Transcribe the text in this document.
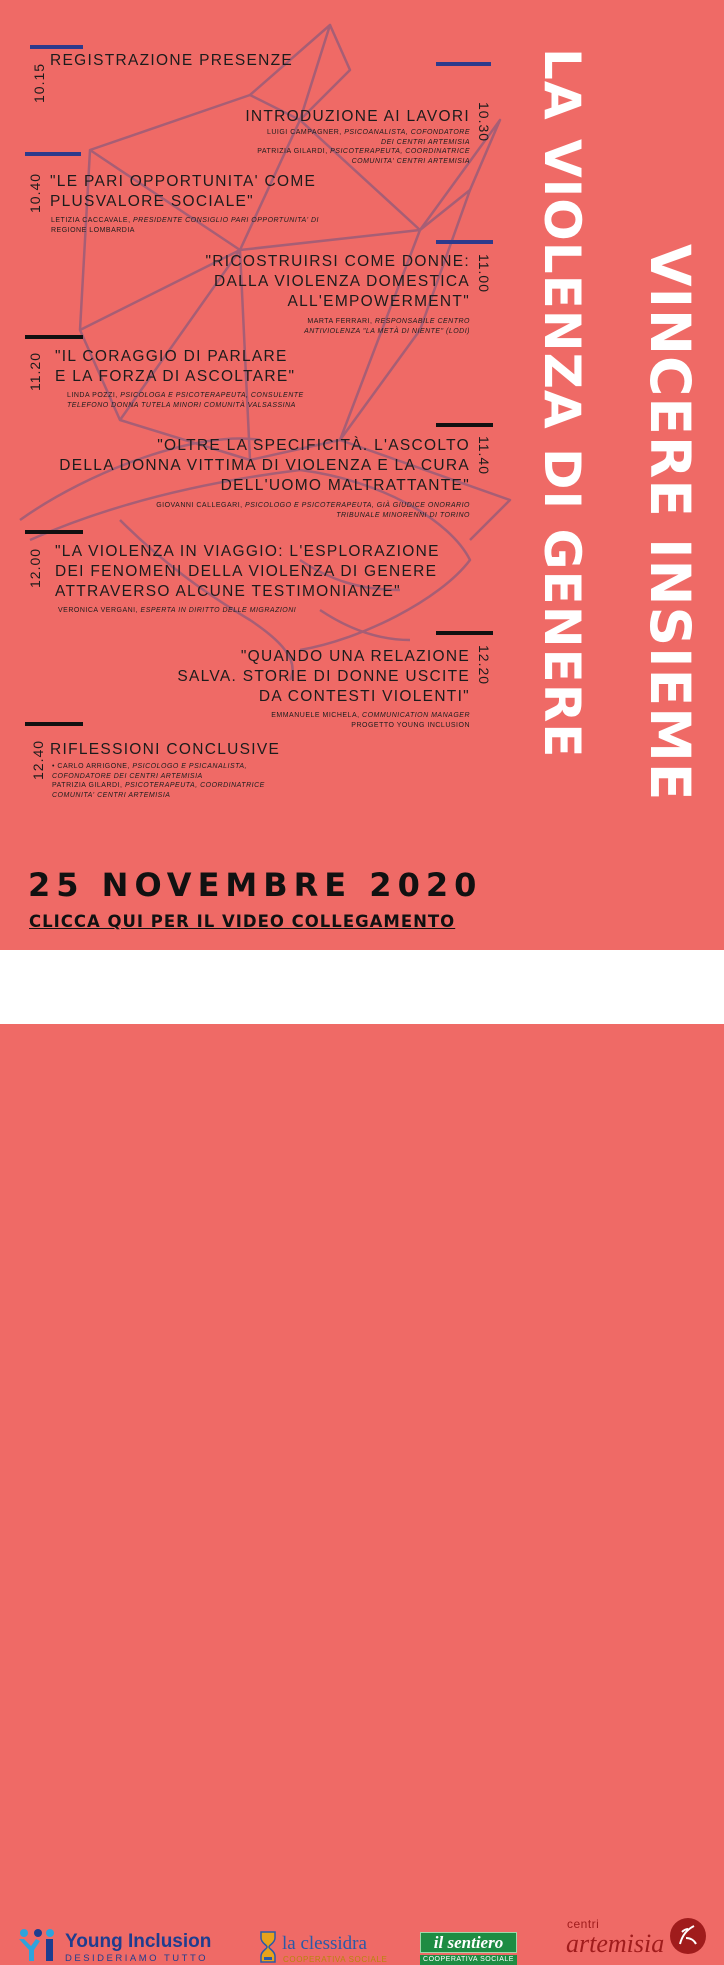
VINCERE INSIEME
LA VIOLENZA DI GENERE
10.15
REGISTRAZIONE PRESENZE
10.30
INTRODUZIONE AI LAVORI
LUIGI CAMPAGNER, PSICOANALISTA, COFONDATORE
DEI CENTRI ARTEMISIA
PATRIZIA GILARDI, PSICOTERAPEUTA, COORDINATRICE
COMUNITA' CENTRI ARTEMISIA
10.40 "LE PARI OPPORTUNITA' COME
PLUSVALORE SOCIALE"
LETIZIA CACCAVALE, PRESIDENTE CONSIGLIO PARI OPPORTUNITA' DI
REGIONE LOMBARDIA
11.00
"RICOSTRUIRSI COME DONNE:
DALLA VIOLENZA DOMESTICA
ALL'EMPOWERMENT"
MARTA FERRARI, RESPONSABILE CENTRO
ANTIVIOLENZA "LA METÀ DI NIENTE" (LODI)
11.20 "IL CORAGGIO DI PARLARE
E LA FORZA DI ASCOLTARE"
LINDA POZZI, PSICOLOGA E PSICOTERAPEUTA, CONSULENTE
TELEFONO DONNA TUTELA MINORI COMUNITÀ VALSASSINA
11.40
"OLTRE LA SPECIFICITÀ. L'ASCOLTO
DELLA DONNA VITTIMA DI VIOLENZA E LA CURA
DELL'UOMO MALTRATTANTE"
GIOVANNI CALLEGARI, PSICOLOGO E PSICOTERAPEUTA, GIÀ GIUDICE ONORARIO
TRIBUNALE MINORENNI DI TORINO
12.00 "LA VIOLENZA IN VIAGGIO: L'ESPLORAZIONE
DEI FENOMENI DELLA VIOLENZA DI GENERE
ATTRAVERSO ALCUNE TESTIMONIANZE"
VERONICA VERGANI, ESPERTA IN DIRITTO DELLE MIGRAZIONI
12.20
"QUANDO UNA RELAZIONE
SALVA. STORIE DI DONNE USCITE
DA CONTESTI VIOLENTI"
EMMANUELE MICHELA, COMMUNICATION MANAGER
PROGETTO YOUNG INCLUSION
12.40 RIFLESSIONI CONCLUSIVE
• CARLO ARRIGONE, PSICOLOGO E PSICANALISTA,
COFONDATORE DEI CENTRI ARTEMISIA
PATRIZIA GILARDI, PSICOTERAPEUTA, COORDINATRICE
COMUNITA' CENTRI ARTEMISIA
25 NOVEMBRE 2020
CLICCA QUI PER IL VIDEO COLLEGAMENTO
Young Inclusion
DESIDERIAMO TUTTO
la clessidra
COOPERATIVA SOCIALE
il sentiero
COOPERATIVA SOCIALE
centri
artemisia
